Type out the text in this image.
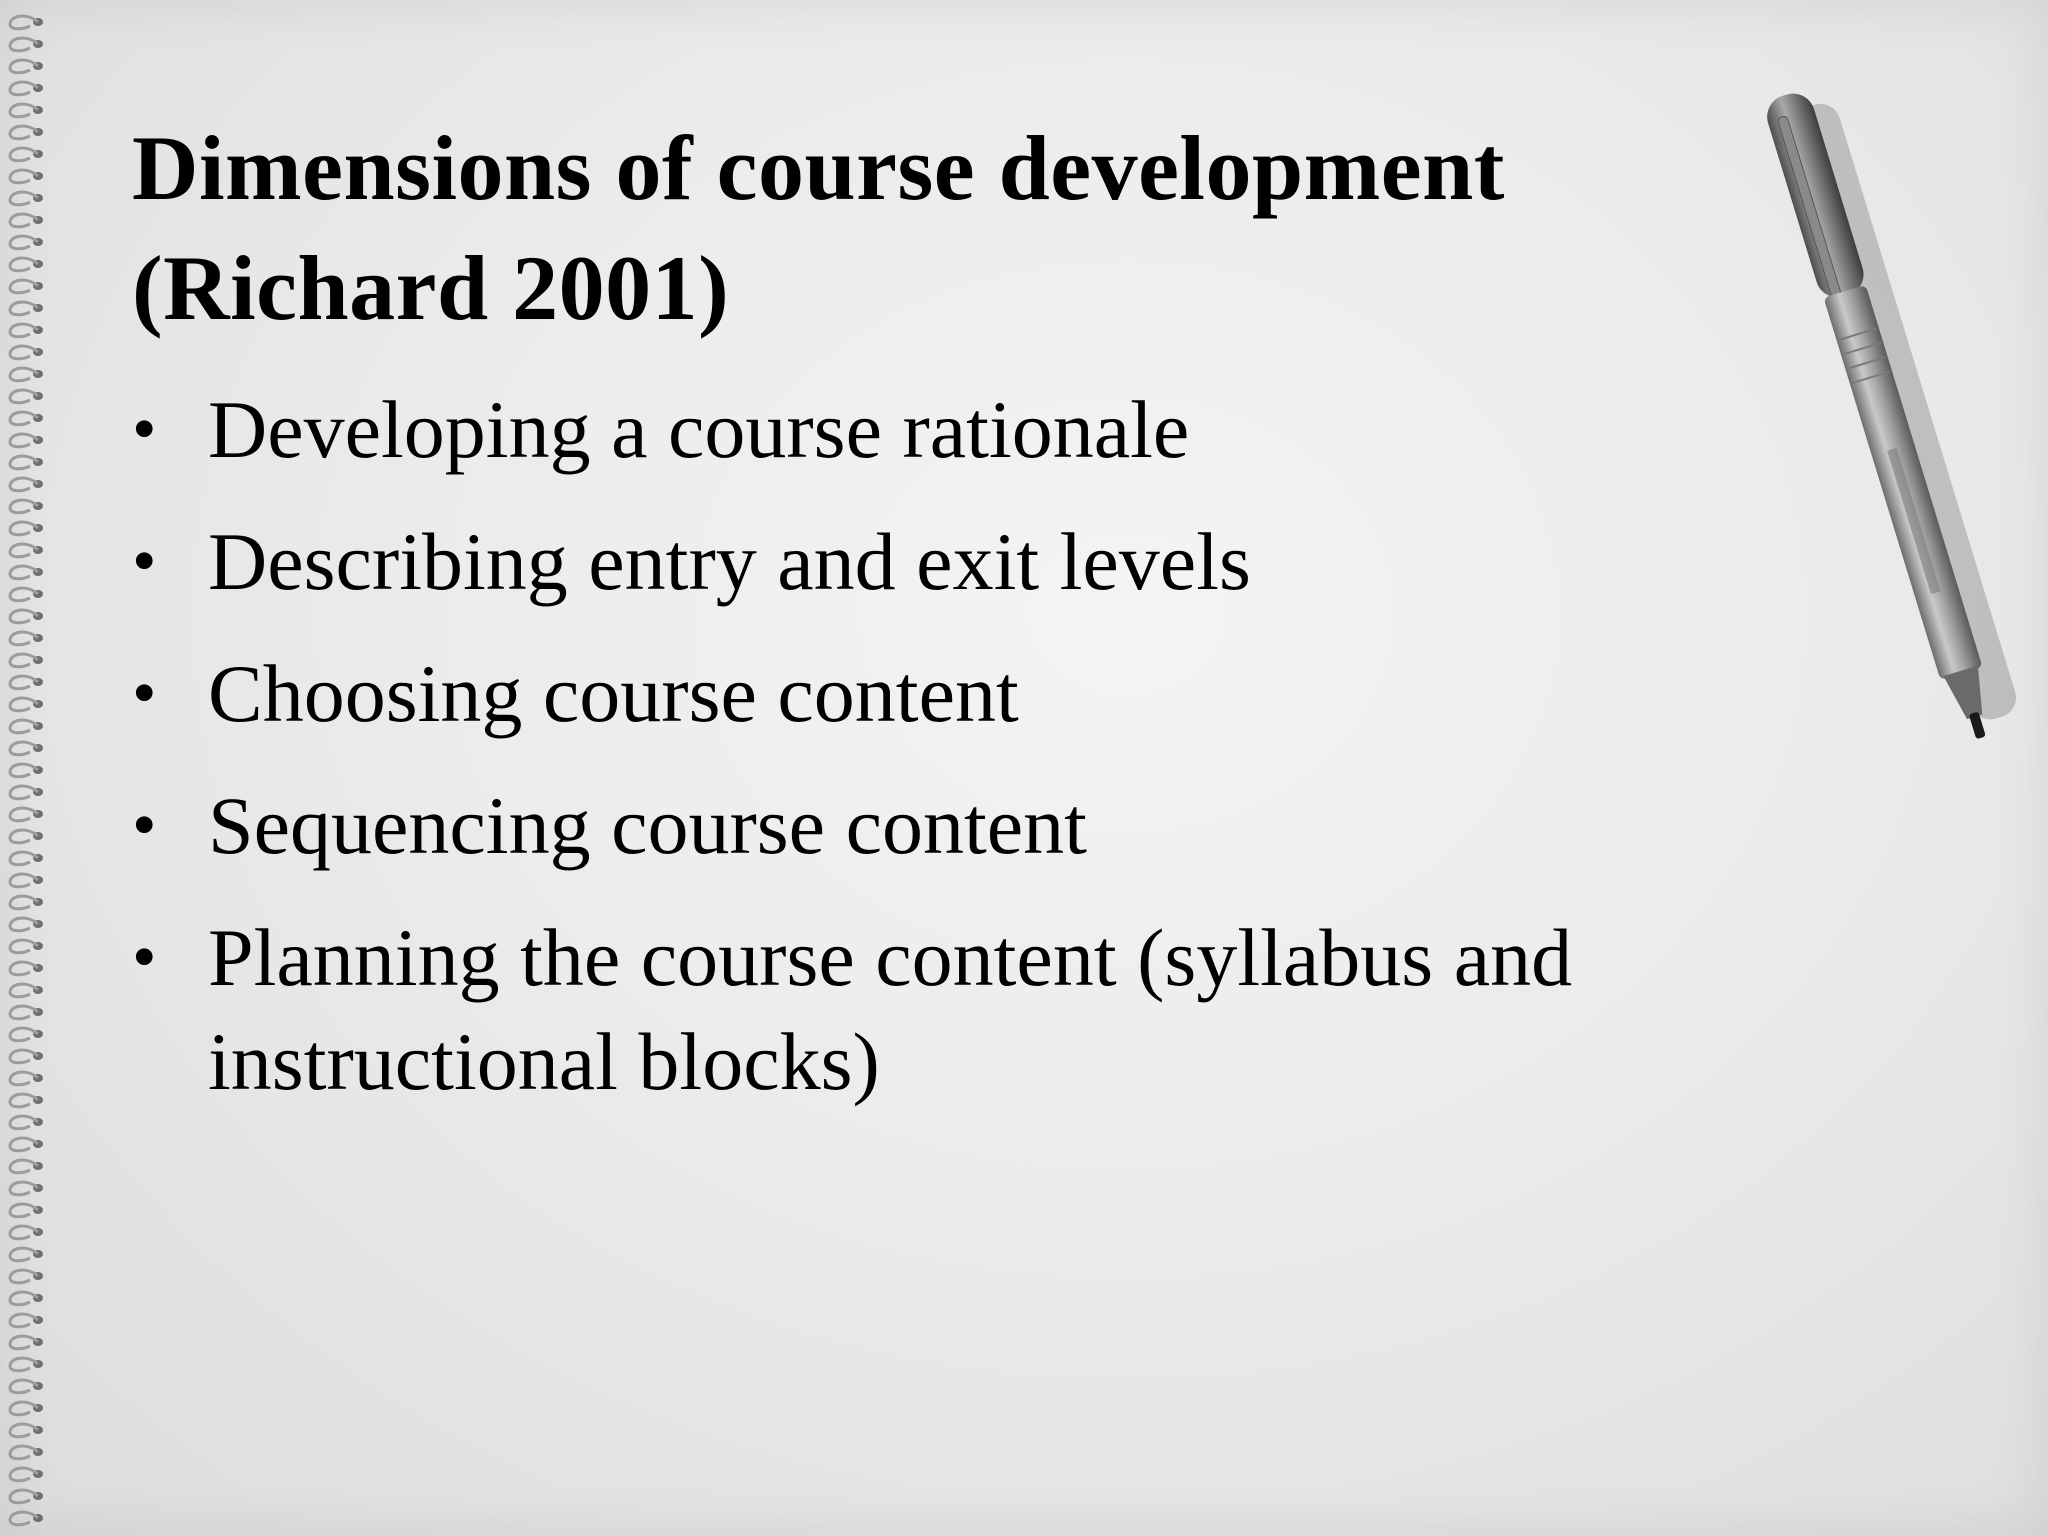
Dimensions of course development (Richard 2001)
• Developing a course rationale
• Describing entry and exit levels
• Choosing course content
• Sequencing course content
• Planning the course content (syllabus and instructional blocks)
